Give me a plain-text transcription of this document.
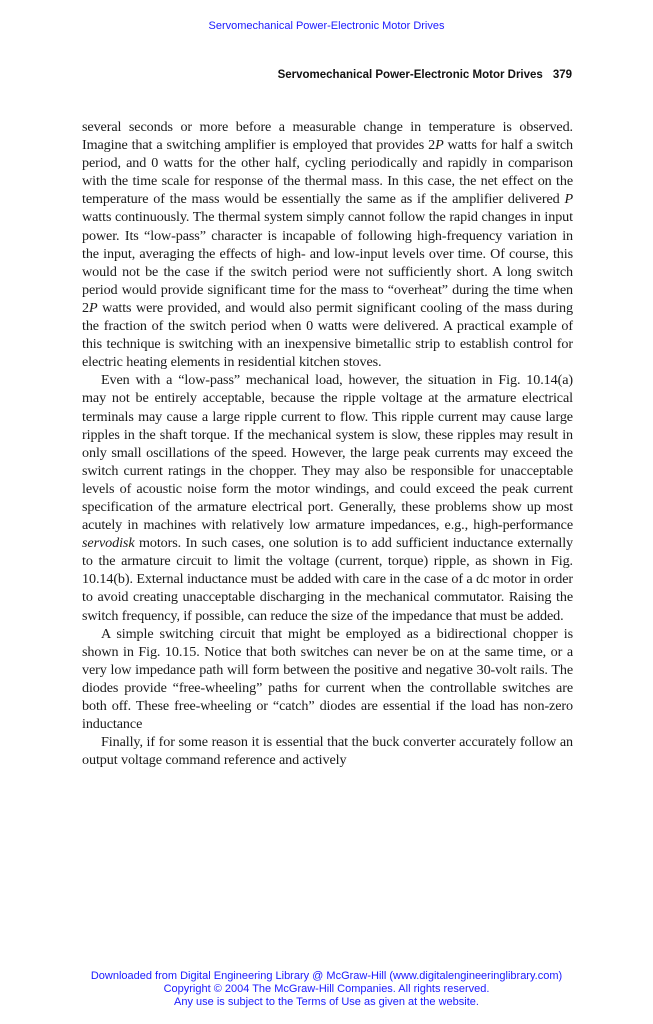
Servomechanical Power-Electronic Motor Drives
Servomechanical Power-Electronic Motor Drives 379

several seconds or more before a measurable change in temperature is observed. Imagine that a switching amplifier is employed that provides 2P watts for half a switch period, and 0 watts for the other half, cycling periodically and rapidly in comparison with the time scale for response of the thermal mass. In this case, the net effect on the temperature of the mass would be essentially the same as if the amplifier delivered P watts continuously. The thermal system simply cannot follow the rapid changes in input power. Its “low-pass” character is incapable of following high-frequency variation in the input, averaging the effects of high- and low-input levels over time. Of course, this would not be the case if the switch period were not sufficiently short. A long switch period would provide significant time for the mass to “overheat” during the time when 2P watts were provided, and would also permit significant cooling of the mass during the fraction of the switch period when 0 watts were delivered. A practical example of this technique is switching with an inexpensive bimetallic strip to establish control for electric heating elements in residential kitchen stoves.

Even with a “low-pass” mechanical load, however, the situation in Fig. 10.14(a) may not be entirely acceptable, because the ripple voltage at the armature electrical terminals may cause a large ripple current to flow. This ripple current may cause large ripples in the shaft torque. If the mechanical system is slow, these ripples may result in only small oscillations of the speed. However, the large peak currents may exceed the switch current ratings in the chopper. They may also be responsible for unacceptable levels of acoustic noise form the motor windings, and could exceed the peak current specification of the armature electrical port. Generally, these problems show up most acutely in machines with relatively low armature impedances, e.g., high-performance servodisk motors. In such cases, one solution is to add sufficient inductance externally to the armature circuit to limit the voltage (current, torque) ripple, as shown in Fig. 10.14(b). External inductance must be added with care in the case of a dc motor in order to avoid creating unacceptable discharging in the mechanical commutator. Raising the switch frequency, if possible, can reduce the size of the impedance that must be added.

A simple switching circuit that might be employed as a bidirectional chopper is shown in Fig. 10.15. Notice that both switches can never be on at the same time, or a very low impedance path will form between the positive and negative 30-volt rails. The diodes provide “free-wheeling” paths for current when the controllable switches are both off. These free-wheeling or “catch” diodes are essential if the load has non-zero inductance

Finally, if for some reason it is essential that the buck converter accurately follow an output voltage command reference and actively

Downloaded from Digital Engineering Library @ McGraw-Hill (www.digitalengineeringlibrary.com)
Copyright © 2004 The McGraw-Hill Companies. All rights reserved.
Any use is subject to the Terms of Use as given at the website.
